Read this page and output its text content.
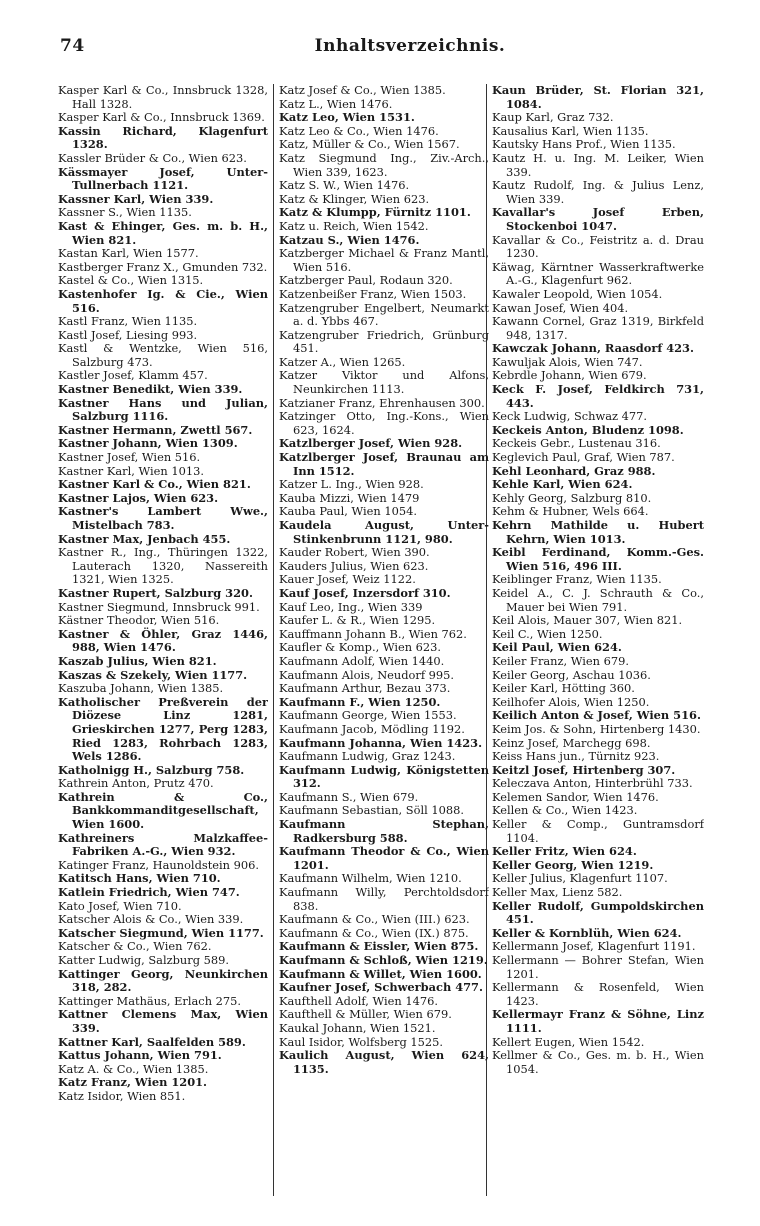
74	Inhaltsverzeichnis.

Kasper Karl & Co., Innsbruck 1328, Hall 1328.

Kasper Karl & Co., Innsbruck 1369.

Kassin Richard, Klagenfurt 1328.

Kassler Brüder & Co., Wien 623.

Kässmayer Josef, Unter-Tullnerbach 1121.

Kassner Karl, Wien 339.

Kassner S., Wien 1135.

Kast & Ehinger, Ges. m. b. H., Wien 821.

Kastan Karl, Wien 1577.

Kastberger Franz X., Gmunden 732.

Kastel & Co., Wien 1315.

Kastenhofer Ig. & Cie., Wien 516.

Kastl Franz, Wien 1135.

Kastl Josef, Liesing 993.

Kastl & Wentzke, Wien 516, Salzburg 473.

Kastler Josef, Klamm 457.

Kastner Benedikt, Wien 339.

Kastner Hans und Julian, Salzburg 1116.

Kastner Hermann, Zwettl 567.

Kastner Johann, Wien 1309.

Kastner Josef, Wien 516.

Kastner Karl, Wien 1013.

Kastner Karl & Co., Wien 821.

Kastner Lajos, Wien 623.

Kastner's Lambert Wwe., Mistelbach 783.

Kastner Max, Jenbach 455.

Kastner R., Ing., Thüringen 1322, Lauterach 1320, Nassereith 1321, Wien 1325.

Kastner Rupert, Salzburg 320.

Kastner Siegmund, Innsbruck 991.

Kästner Theodor, Wien 516.

Kastner & Öhler, Graz 1446, 988, Wien 1476.

Kaszab Julius, Wien 821.

Kaszas & Szekely, Wien 1177.

Kaszuba Johann, Wien 1385.

Katholischer Preßverein der Diözese Linz 1281, Grieskirchen 1277, Perg 1283, Ried 1283, Rohrbach 1283, Wels 1286.

Katholnigg H., Salzburg 758.

Kathrein Anton, Prutz 470.

Kathrein & Co., Bankkommanditgesellschaft, Wien 1600.

Kathreiners Malzkaffee-Fabriken A.-G., Wien 932.

Katinger Franz, Haunoldstein 906.

Katitsch Hans, Wien 710.

Katlein Friedrich, Wien 747.

Kato Josef, Wien 710.

Katscher Alois & Co., Wien 339.

Katscher Siegmund, Wien 1177.

Katscher & Co., Wien 762.

Katter Ludwig, Salzburg 589.

Kattinger Georg, Neunkirchen 318, 282.

Kattinger Mathäus, Erlach 275.

Kattner Clemens Max, Wien 339.

Kattner Karl, Saalfelden 589.

Kattus Johann, Wien 791.

Katz A. & Co., Wien 1385.

Katz Franz, Wien 1201.

Katz Isidor, Wien 851.

Katz Josef & Co., Wien 1385.

Katz L., Wien 1476.

Katz Leo, Wien 1531.

Katz Leo & Co., Wien 1476.

Katz, Müller & Co., Wien 1567.

Katz Siegmund Ing., Ziv.-Arch., Wien 339, 1623.

Katz S. W., Wien 1476.

Katz & Klinger, Wien 623.

Katz & Klumpp, Fürnitz 1101.

Katz u. Reich, Wien 1542.

Katzau S., Wien 1476.

Katzberger Michael & Franz Mantl, Wien 516.

Katzberger Paul, Rodaun 320.

Katzenbeißer Franz, Wien 1503.

Katzengruber Engelbert, Neumarkt a. d. Ybbs 467.

Katzengruber Friedrich, Grünburg 451.

Katzer A., Wien 1265.

Katzer Viktor und Alfons, Neunkirchen 1113.

Katzianer Franz, Ehrenhausen 300.

Katzinger Otto, Ing.-Kons., Wien 623, 1624.

Katzlberger Josef, Wien 928.

Katzlberger Josef, Braunau am Inn 1512.

Katzer L. Ing., Wien 928.

Kauba Mizzi, Wien 1479

Kauba Paul, Wien 1054.

Kaudela August, Unter-Stinkenbrunn 1121, 980.

Kauder Robert, Wien 390.

Kauders Julius, Wien 623.

Kauer Josef, Weiz 1122.

Kauf Josef, Inzersdorf 310.

Kauf Leo, Ing., Wien 339

Kaufer L. & R., Wien 1295.

Kauffmann Johann B., Wien 762.

Kaufler & Komp., Wien 623.

Kaufmann Adolf, Wien 1440.

Kaufmann Alois, Neudorf 995.

Kaufmann Arthur, Bezau 373.

Kaufmann F., Wien 1250.

Kaufmann George, Wien 1553.

Kaufmann Jacob, Mödling 1192.

Kaufmann Johanna, Wien 1423.

Kaufmann Ludwig, Graz 1243.

Kaufmann Ludwig, Königstetten 312.

Kaufmann S., Wien 679.

Kaufmann Sebastian, Söll 1088.

Kaufmann Stephan, Radkersburg 588.

Kaufmann Theodor & Co., Wien 1201.

Kaufmann Wilhelm, Wien 1210.

Kaufmann Willy, Perchtoldsdorf 838.

Kaufmann & Co., Wien (III.) 623.

Kaufmann & Co., Wien (IX.) 875.

Kaufmann & Eissler, Wien 875.

Kaufmann & Schloß, Wien 1219.

Kaufmann & Willet, Wien 1600.

Kaufner Josef, Schwerbach 477.

Kaufthell Adolf, Wien 1476.

Kaufthell & Müller, Wien 679.

Kaukal Johann, Wien 1521.

Kaul Isidor, Wolfsberg 1525.

Kaulich August, Wien 624, 1135.

Kaun Brüder, St. Florian 321, 1084.

Kaup Karl, Graz 732.

Kausalius Karl, Wien 1135.

Kautsky Hans Prof., Wien 1135.

Kautz H. u. Ing. M. Leiker, Wien 339.

Kautz Rudolf, Ing. & Julius Lenz, Wien 339.

Kavallar's Josef Erben, Stockenboi 1047.

Kavallar & Co., Feistritz a. d. Drau 1230.

Käwag, Kärntner Wasserkraftwerke A.-G., Klagenfurt 962.

Kawaler Leopold, Wien 1054.

Kawan Josef, Wien 404.

Kawann Cornel, Graz 1319, Birkfeld 948, 1317.

Kawczak Johann, Raasdorf 423.

Kawuljak Alois, Wien 747.

Kebrdle Johann, Wien 679.

Keck F. Josef, Feldkirch 731, 443.

Keck Ludwig, Schwaz 477.

Keckeis Anton, Bludenz 1098.

Keckeis Gebr., Lustenau 316.

Keglevich Paul, Graf, Wien 787.

Kehl Leonhard, Graz 988.

Kehle Karl, Wien 624.

Kehly Georg, Salzburg 810.

Kehm & Hubner, Wels 664.

Kehrn Mathilde u. Hubert Kehrn, Wien 1013.

Keibl Ferdinand, Komm.-Ges. Wien 516, 496 III.

Keiblinger Franz, Wien 1135.

Keidel A., C. J. Schrauth & Co., Mauer bei Wien 791.

Keil Alois, Mauer 307, Wien 821.

Keil C., Wien 1250.

Keil Paul, Wien 624.

Keiler Franz, Wien 679.

Keiler Georg, Aschau 1036.

Keiler Karl, Hötting 360.

Keilhofer Alois, Wien 1250.

Keilich Anton & Josef, Wien 516.

Keim Jos. & Sohn, Hirtenberg 1430.

Keinz Josef, Marchegg 698.

Keiss Hans jun., Türnitz 923.

Keitzl Josef, Hirtenberg 307.

Keleczava Anton, Hinterbrühl 733.

Kelemen Sandor, Wien 1476.

Kellen & Co., Wien 1423.

Keller & Comp., Guntramsdorf 1104.

Keller Fritz, Wien 624.

Keller Georg, Wien 1219.

Keller Julius, Klagenfurt 1107.

Keller Max, Lienz 582.

Keller Rudolf, Gumpoldskirchen 451.

Keller & Kornblüh, Wien 624.

Kellermann Josef, Klagenfurt 1191.

Kellermann — Bohrer Stefan, Wien 1201.

Kellermann & Rosenfeld, Wien 1423.

Kellermayr Franz & Söhne, Linz 1111.

Kellert Eugen, Wien 1542.

Kellmer & Co., Ges. m. b. H., Wien 1054.
